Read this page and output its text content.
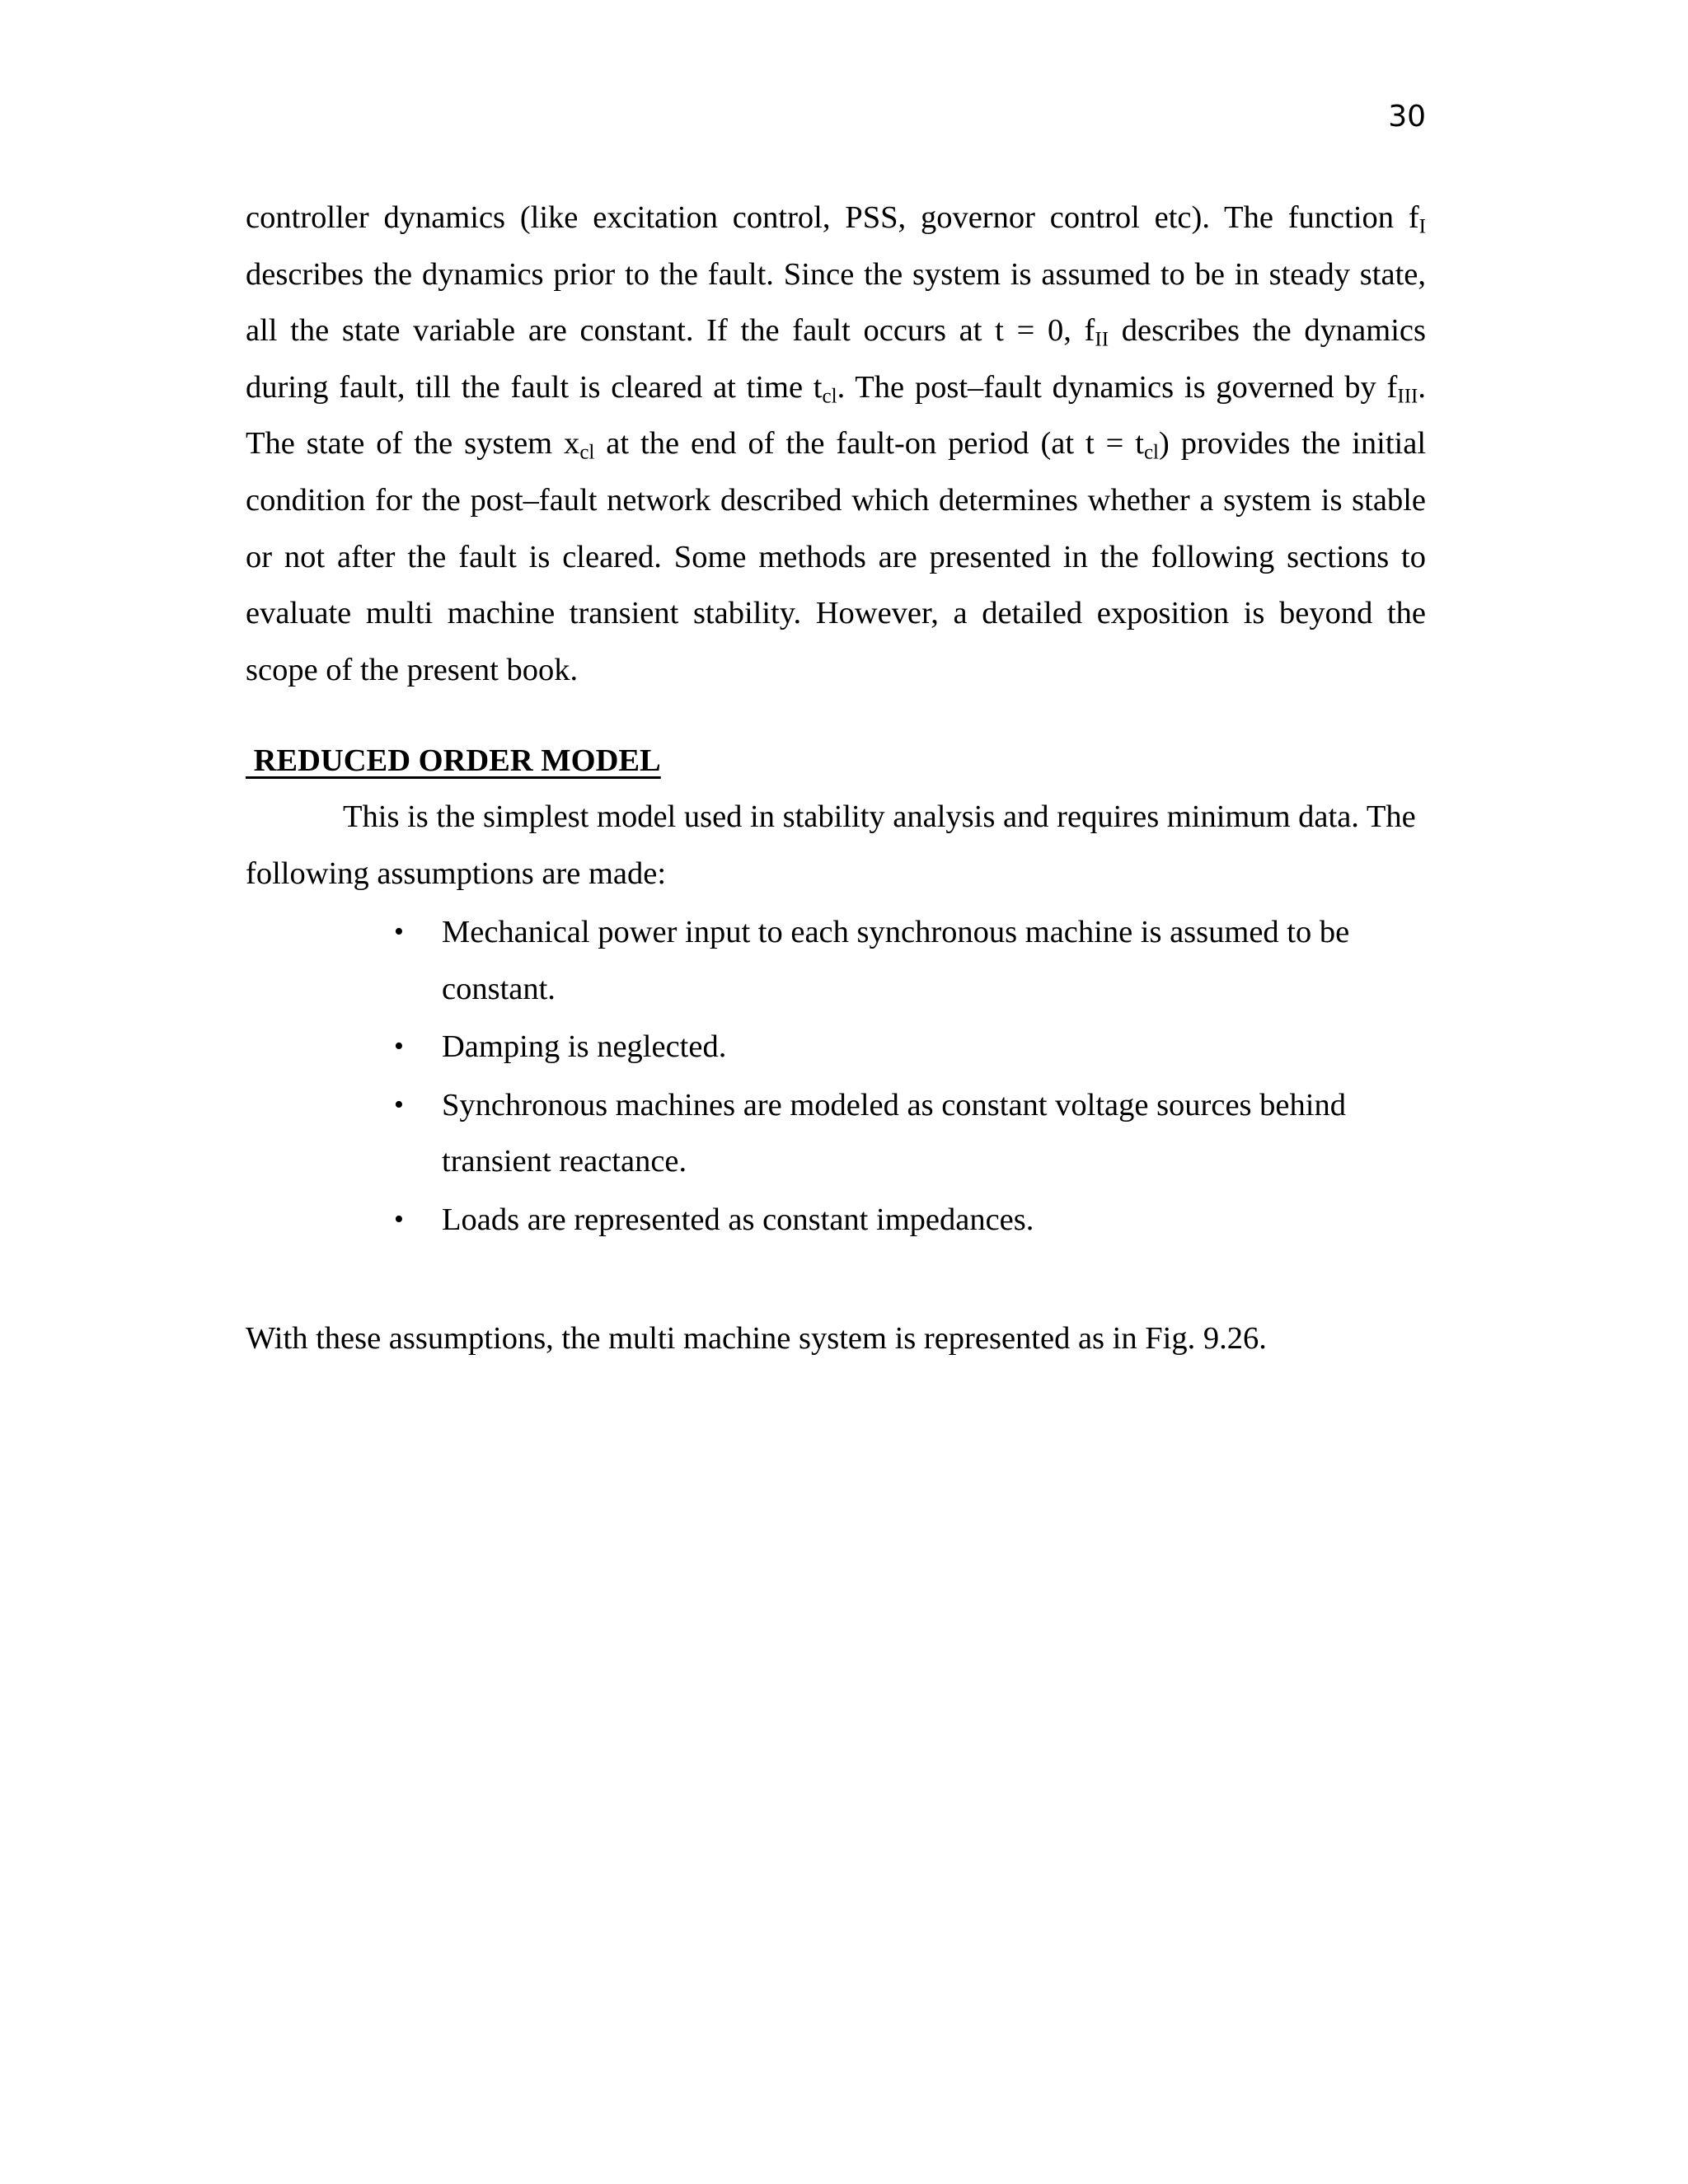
30

controller dynamics (like excitation control, PSS, governor control etc). The function $f_I$ describes the dynamics prior to the fault. Since the system is assumed to be in steady state, all the state variable are constant. If the fault occurs at t = 0, $f_{II}$ describes the dynamics during fault, till the fault is cleared at time $t_{cl}$. The post–fault dynamics is governed by $f_{III}$. The state of the system $x_{cl}$ at the end of the fault-on period (at $t = t_{cl}$) provides the initial condition for the post–fault network described which determines whether a system is stable or not after the fault is cleared. Some methods are presented in the following sections to evaluate multi machine transient stability. However, a detailed exposition is beyond the scope of the present book.

REDUCED ORDER MODEL

This is the simplest model used in stability analysis and requires minimum data. The following assumptions are made:

• Mechanical power input to each synchronous machine is assumed to be constant.
• Damping is neglected.
• Synchronous machines are modeled as constant voltage sources behind transient reactance.
• Loads are represented as constant impedances.

With these assumptions, the multi machine system is represented as in Fig. 9.26.
